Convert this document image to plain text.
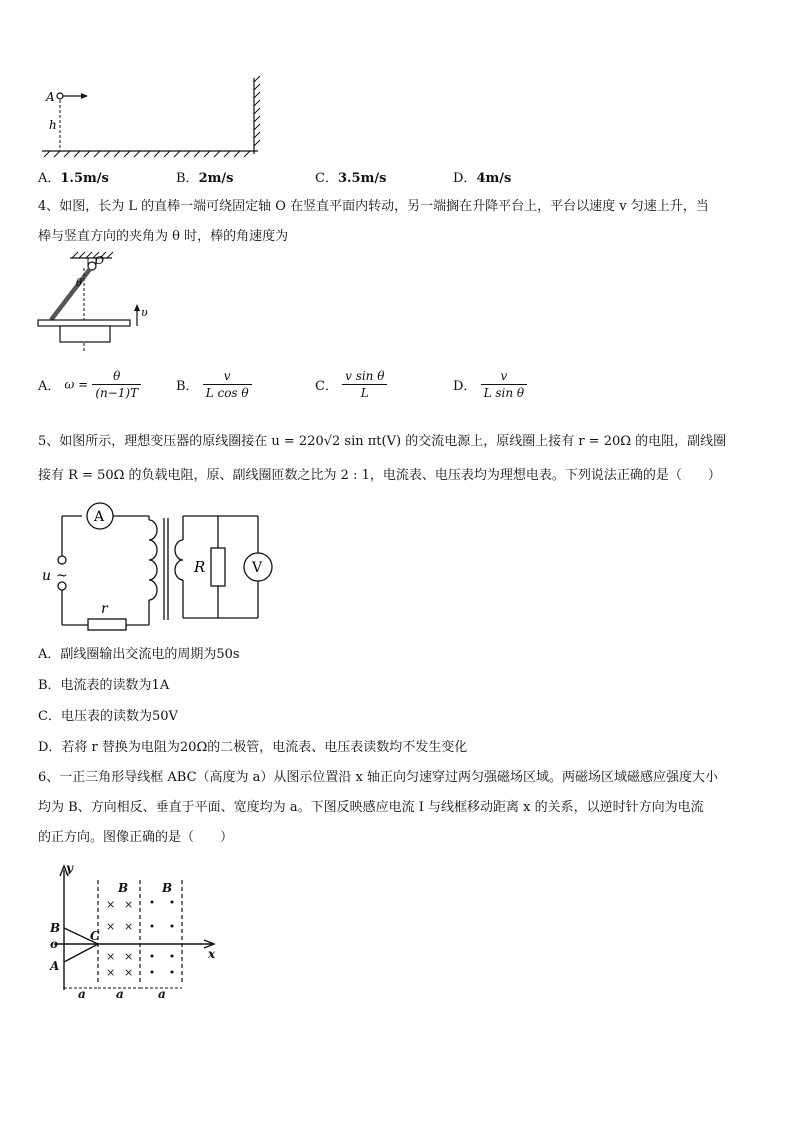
A
h
A．1.5m/s	B．2m/s	C．3.5m/s	D．4m/s
4、如图，长为 L 的直棒一端可绕固定轴 O 在竖直平面内转动，另一端搁在升降平台上，平台以速度 v 匀速上升，当
棒与竖直方向的夹角为 θ 时，棒的角速度为
O
θ
υ
A． $\omega = \frac{\theta}{(n-1)T}$	B． $\frac{v}{\text{L cos θ}}$	C． $\frac{\text{v sin θ}}{L}$	D． $\frac{v}{\text{L sin θ}}$
5、如图所示，理想变压器的原线圈接在 u = 220√2 sin πt(V) 的交流电源上，原线圈上接有 r = 20Ω 的电阻，副线圈
接有 R = 50Ω 的负载电阻，原、副线圈匝数之比为 2 : 1，电流表、电压表均为理想电表。下列说法正确的是（　　）
A
V
R
r
u ~
A．副线圈输出交流电的周期为50s
B．电流表的读数为1A
C．电压表的读数为50V
D．若将 r 替换为电阻为20Ω的二极管，电流表、电压表读数均不发生变化
6、一正三角形导线框 ABC（高度为 a）从图示位置沿 x 轴正向匀速穿过两匀强磁场区域。两磁场区域磁感应强度大小
均为 B、方向相反、垂直于平面、宽度均为 a。下图反映感应电流 I 与线框移动距离 x 的关系，以逆时针方向为电流
的正方向。图像正确的是（　　）
× ×
× ×
× ×
× ×
y
x
o
B
A
C
B	B
a	a	a
